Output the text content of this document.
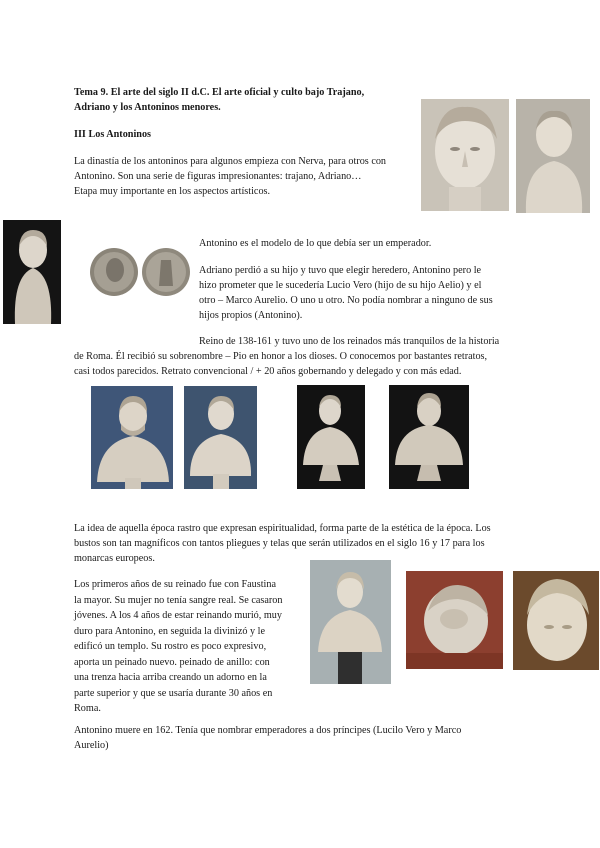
Tema 9. El arte del siglo II d.C. El arte oficial y culto bajo Trajano,

Adriano y los Antoninos menores.

III Los Antoninos

La dinastía de los antoninos para algunos empieza con Nerva, para otros con

Antonino. Son una serie de figuras impresionantes: trajano, Adriano…

Etapa muy importante en los aspectos artísticos.

Antonino es el modelo de lo que debía ser un emperador.

Adriano perdió a su hijo y tuvo que elegir heredero, Antonino pero le

hizo prometer que le sucedería Lucio Vero (hijo de su hijo Aelio) y el

otro – Marco Aurelio. O uno u otro. No podía nombrar a ninguno de sus

hijos propios (Antonino).

Reino de 138-161 y tuvo uno de los reinados más tranquilos de la historia

de Roma. Él recibió su sobrenombre – Pio en honor a los dioses. O conocemos por bastantes retratos,

casi todos parecidos. Retrato convencional / + 20 años gobernando y delegado y con más edad.

La idea de aquella época rastro que expresan espiritualidad, forma parte de la estética de la época. Los

bustos son tan magníficos con tantos pliegues y telas que serán utilizados en el siglo 16 y 17 para los

monarcas europeos.

Los primeros años de su reinado fue con Faustina

la mayor. Su mujer no tenía sangre real. Se casaron

jóvenes. A los 4 años de estar reinando murió, muy

duro para Antonino, en seguida la divinizó y le

edificó un templo. Su rostro es poco expresivo,

aporta un peinado nuevo. peinado de anillo: con

una trenza hacia arriba creando un adorno en la

parte superior y que se usaría durante 30 años en

Roma.

Antonino muere en 162. Tenía que nombrar emperadores a dos príncipes (Lucilo Vero y Marco

Aurelio)
